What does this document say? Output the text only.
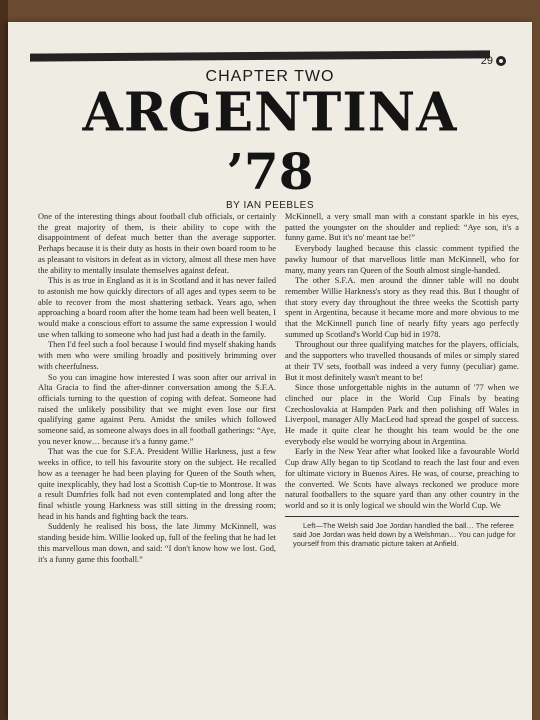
29
CHAPTER TWO
ARGENTINA
’78
BY IAN PEEBLES

One of the interesting things about football club officials, or certainly the great majority of them, is their ability to cope with the disappointment of defeat much better than the average supporter. Perhaps because it is their duty as hosts in their own board room to be as pleasant to visitors in defeat as in victory, almost all these men have the ability to mentally insulate themselves against defeat.

This is as true in England as it is in Scotland and it has never failed to astonish me how quickly directors of all ages and types seem to be able to recover from the most shattering setback. Years ago, when approaching a board room after the home team had been well beaten, I would make a conscious effort to assume the same expression I would use when talking to someone who had just had a death in the family.

Then I'd feel such a fool because I would find myself shaking hands with men who were smiling broadly and positively brimming over with cheerfulness.

So you can imagine how interested I was soon after our arrival in Alta Gracia to find the after-dinner conversation among the S.F.A. officials turning to the question of coping with defeat. Someone had raised the unlikely possibility that we might even lose our first qualifying game against Peru. Amidst the smiles which followed someone said, as someone always does in all football gatherings: “Aye, you never know… because it's a funny game.”

That was the cue for S.F.A. President Willie Harkness, just a few weeks in office, to tell his favourite story on the subject. He recalled how as a teenager he had been playing for Queen of the South when, quite inexplicably, they had lost a Scottish Cup-tie to Montrose. It was a result Dumfries folk had not even contemplated and long after the final whistle young Harkness was still sitting in the dressing room; head in his hands and fighting back the tears.

Suddenly he realised his boss, the late Jimmy McKinnell, was standing beside him. Willie looked up, full of the feeling that he had let this marvellous man down, and said: “I don't know how we lost. God, it's a funny game this football.”

McKinnell, a very small man with a constant sparkle in his eyes, patted the youngster on the shoulder and replied: “Aye son, it's a funny game. But it's no' meant tae be!”

Everybody laughed because this classic comment typified the pawky humour of that marvellous little man McKinnell, who for many, many years ran Queen of the South almost single-handed.

The other S.F.A. men around the dinner table will no doubt remember Willie Harkness's story as they read this. But I thought of that story every day throughout the three weeks the Scottish party spent in Argentina, because it became more and more obvious to me that the McKinnell punch line of nearly fifty years ago perfectly summed up Scotland's World Cup bid in 1978.

Throughout our three qualifying matches for the players, officials, and the supporters who travelled thousands of miles or simply stared at their TV sets, football was indeed a very funny (peculiar) game. But it most definitely wasn't meant to be!

Since those unforgettable nights in the autumn of '77 when we clinched our place in the World Cup Finals by beating Czechoslovakia at Hampden Park and then polishing off Wales in Liverpool, manager Ally MacLeod had spread the gospel of success. He made it quite clear he thought his team would be the one everybody else would be worrying about in Argentina.

Early in the New Year after what looked like a favourable World Cup draw Ally began to tip Scotland to reach the last four and even for ultimate victory in Buenos Aires. He was, of course, preaching to the converted. We Scots have always reckoned we produce more natural footballers to the square yard than any other country in the world and so it is only logical we should win the World Cup. We

Left—The Welsh said Joe Jordan handled the ball… The referee said Joe Jordan was held down by a Welshman… You can judge for yourself from this dramatic picture taken at Anfield.
